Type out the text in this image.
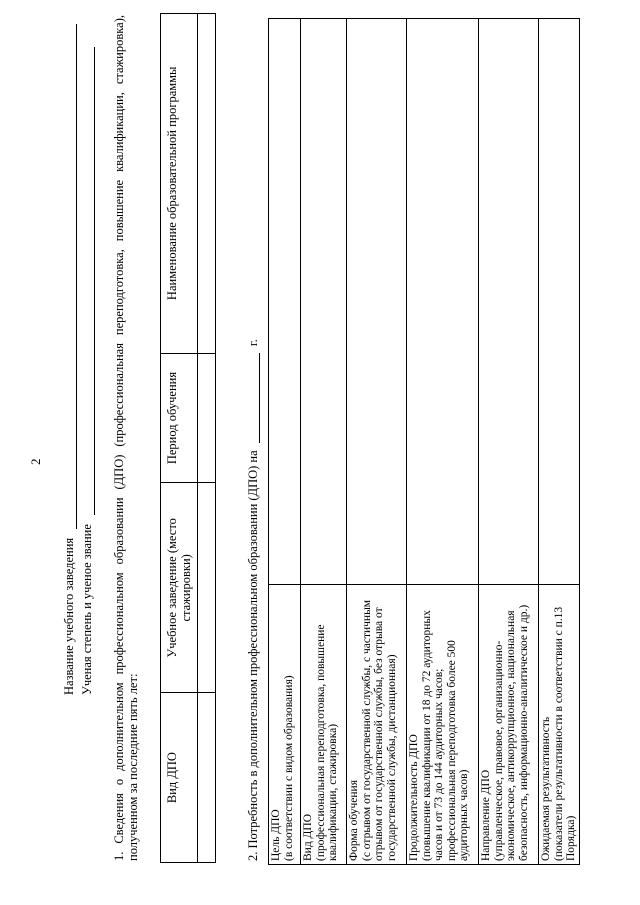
2
Название учебного заведения Ученая степень и ученое звание 1. Сведения о дополнительном профессиональном образовании (ДПО) (профессиональная переподготовка, повышение квалификации, стажировка), полученном за последние пять лет: Вид ДПО	Учебное заведение (место стажировки)	Период обучения	Наименование образовательной программы

2. Потребность в дополнительном профессиональном образовании (ДПО) на  г.
Цель ДПО (в соответствии с видом образования)	

Вид ДПО (профессиональная переподготовка, повышение квалификации, стажировка)	

Форма обучения (с отрывом от государственной службы, с частичным отрывом от государственной службы, без отрыва от государственной службы, дистанционная)	

Продолжительность ДПО (повышение квалификации от 18 до 72 аудиторных часов и от 73 до 144 аудиторных часов; профессиональная переподготовка более 500 аудиторных часов)	

Направление ДПО (управленческое, правовое, организационно-экономическое, антикоррупционное, национальная безопасность, информационно-аналитическое и др.)	

Ожидаемая результативность (показатели результативности в соответствии с п.13 Порядка)	
